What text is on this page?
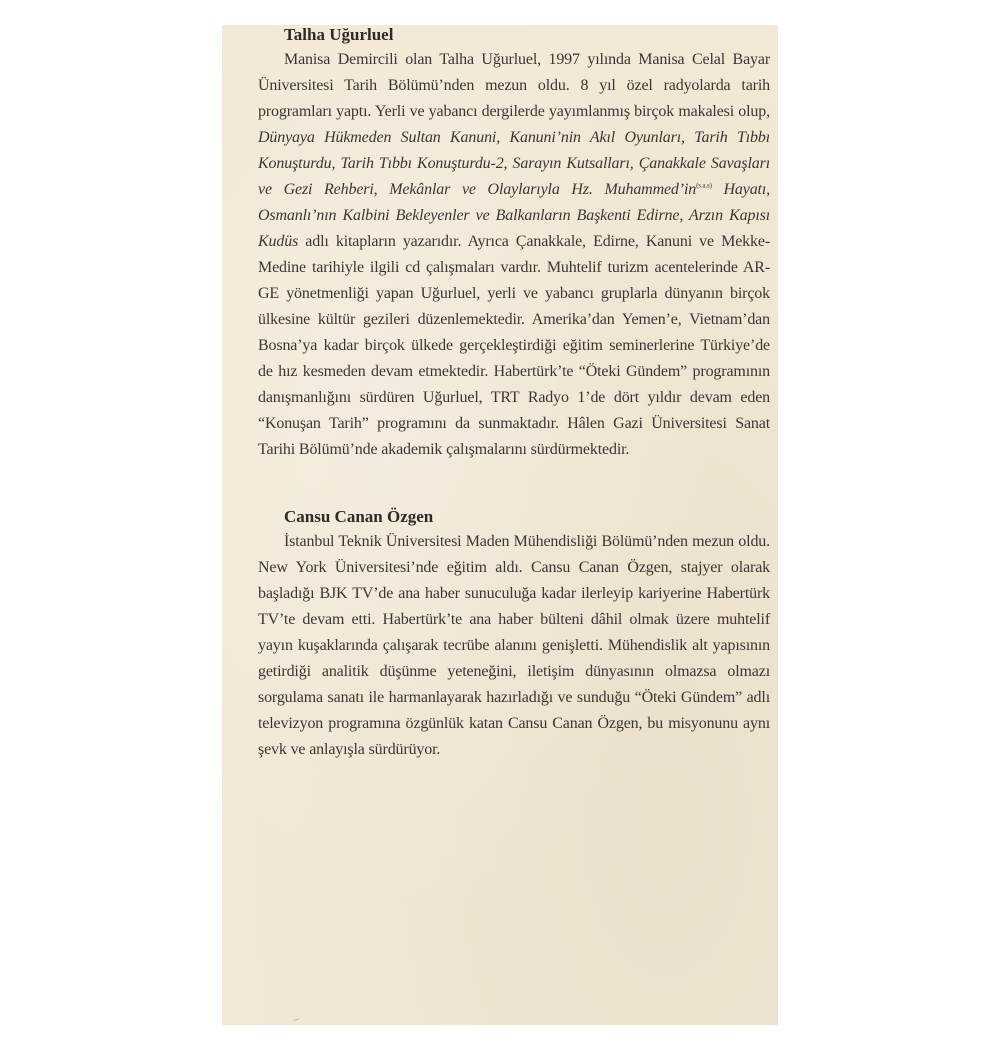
Talha Uğurluel

Manisa Demircili olan Talha Uğurluel, 1997 yılında Manisa Celal Bayar Üniversitesi Tarih Bölümü’nden mezun oldu. 8 yıl özel radyolarda tarih programları yaptı. Yerli ve yabancı dergilerde yayımlanmış birçok makalesi olup, Dünyaya Hükmeden Sultan Kanuni, Kanuni’nin Akıl Oyunları, Tarih Tıbbı Konuşturdu, Tarih Tıbbı Konuşturdu-2, Sarayın Kutsalları, Çanakkale Savaşları ve Gezi Rehberi, Mekânlar ve Olaylarıyla Hz. $Muhammed’in^{(s.a.s)}$ Hayatı, Osmanlı’nın Kalbini Bekleyenler ve Balkanların Başkenti Edirne, Arzın Kapısı Kudüs adlı kitapların yazarıdır. Ayrıca Çanakkale, Edirne, Kanuni ve Mekke-Medine tarihiyle ilgili cd çalışmaları vardır. Muhtelif turizm acentelerinde AR-GE yönetmenliği yapan Uğurluel, yerli ve yabancı gruplarla dünyanın birçok ülkesine kültür gezileri düzenlemektedir. Amerika’dan Yemen’e, Vietnam’dan Bosna’ya kadar birçok ülkede gerçekleştirdiği eğitim seminerlerine Türkiye’de de hız kesmeden devam etmektedir. Habertürk’te “Öteki Gündem” programının danışmanlığını sürdüren Uğurluel, TRT Radyo 1’de dört yıldır devam eden “Konuşan Tarih” programını da sunmaktadır. Hâlen Gazi Üniversitesi Sanat Tarihi Bölümü’nde akademik çalışmalarını sürdürmektedir.

Cansu Canan Özgen

İstanbul Teknik Üniversitesi Maden Mühendisliği Bölümü’nden mezun oldu. New York Üniversitesi’nde eğitim aldı. Cansu Canan Özgen, stajyer olarak başladığı BJK TV’de ana haber sunuculuğa kadar ilerleyip kariyerine Habertürk TV’te devam etti. Habertürk’te ana haber bülteni dâhil olmak üzere muhtelif yayın kuşaklarında çalışarak tecrübe alanını genişletti. Mühendislik alt yapısının getirdiği analitik düşünme yeteneğini, iletişim dünyasının olmazsa olmazı sorgulama sanatı ile harmanlayarak hazırladığı ve sunduğu “Öteki Gündem” adlı televizyon programına özgünlük katan Cansu Canan Özgen, bu misyonunu aynı şevk ve anlayışla sürdürüyor.
